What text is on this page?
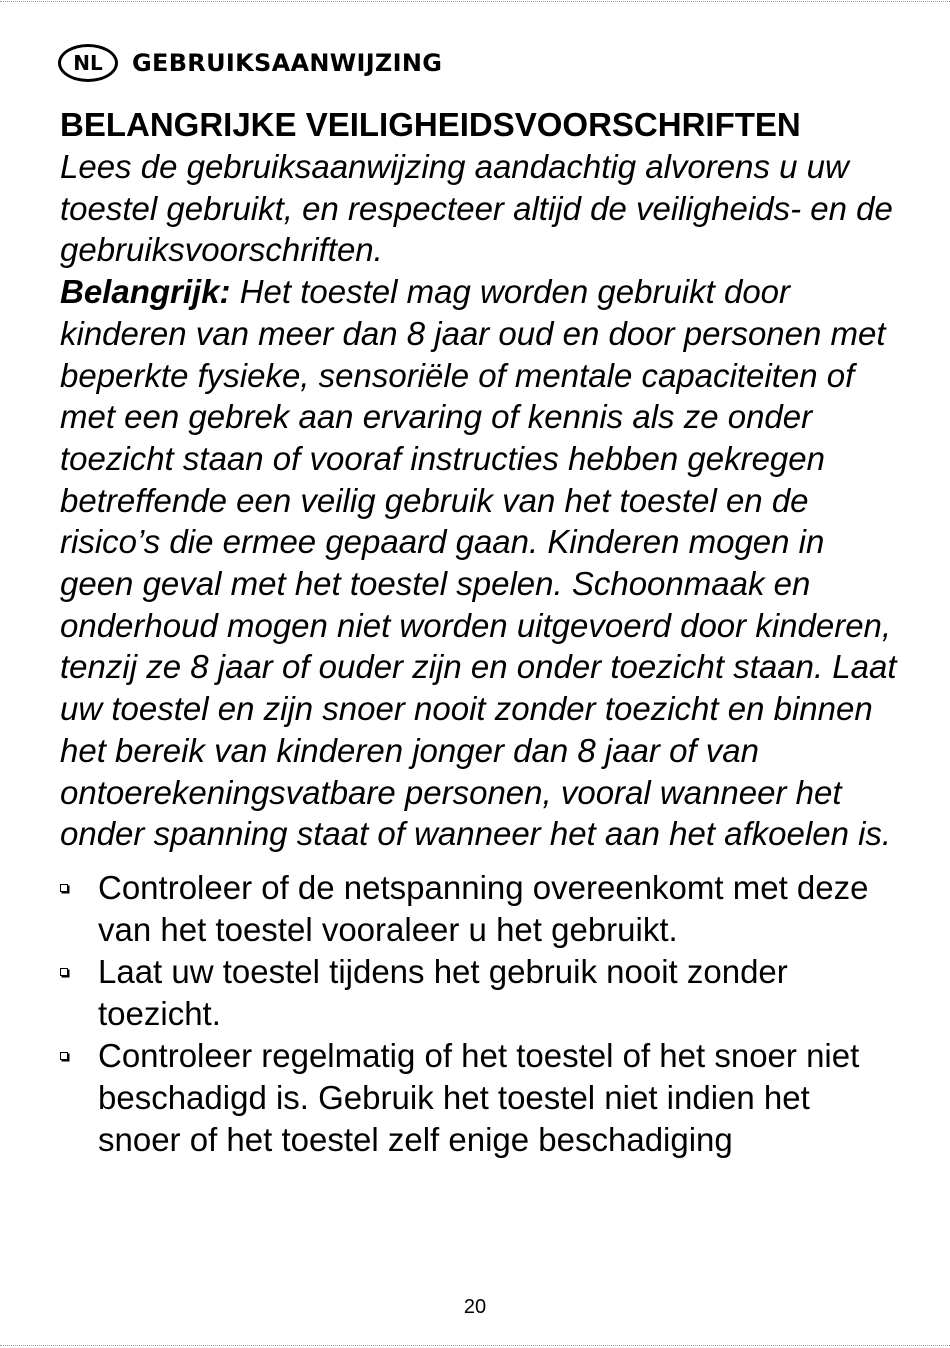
NL	GEBRUIKSAANWIJZING
BELANGRIJKE VEILIGHEIDSVOORSCHRIFTEN

Lees de gebruiksaanwijzing aandachtig alvorens u uw toestel gebruikt, en respecteer altijd de veiligheids- en de gebruiksvoorschriften.
Belangrijk: Het toestel mag worden gebruikt door kinderen van meer dan 8 jaar oud en door personen met beperkte fysieke, sensoriële of mentale capaciteiten of met een gebrek aan ervaring of kennis als ze onder toezicht staan of vooraf instructies hebben gekregen betreffende een veilig gebruik van het toestel en de risico’s die ermee gepaard gaan. Kinderen mogen in geen geval met het toestel spelen. Schoonmaak en onderhoud mogen niet worden uitgevoerd door kinderen, tenzij ze 8 jaar of ouder zijn en onder toezicht staan. Laat uw toestel en zijn snoer nooit zonder toezicht en binnen het bereik van kinderen jonger dan 8 jaar of van ontoerekeningsvatbare personen, vooral wanneer het onder spanning staat of wanneer het aan het afkoelen is.

Controleer of de netspanning overeenkomt met deze van het toestel vooraleer u het gebruikt.
Laat uw toestel tijdens het gebruik nooit zonder toezicht.
Controleer regelmatig of het toestel of het snoer niet beschadigd is. Gebruik het toestel niet indien het snoer of het toestel zelf enige beschadiging
20
